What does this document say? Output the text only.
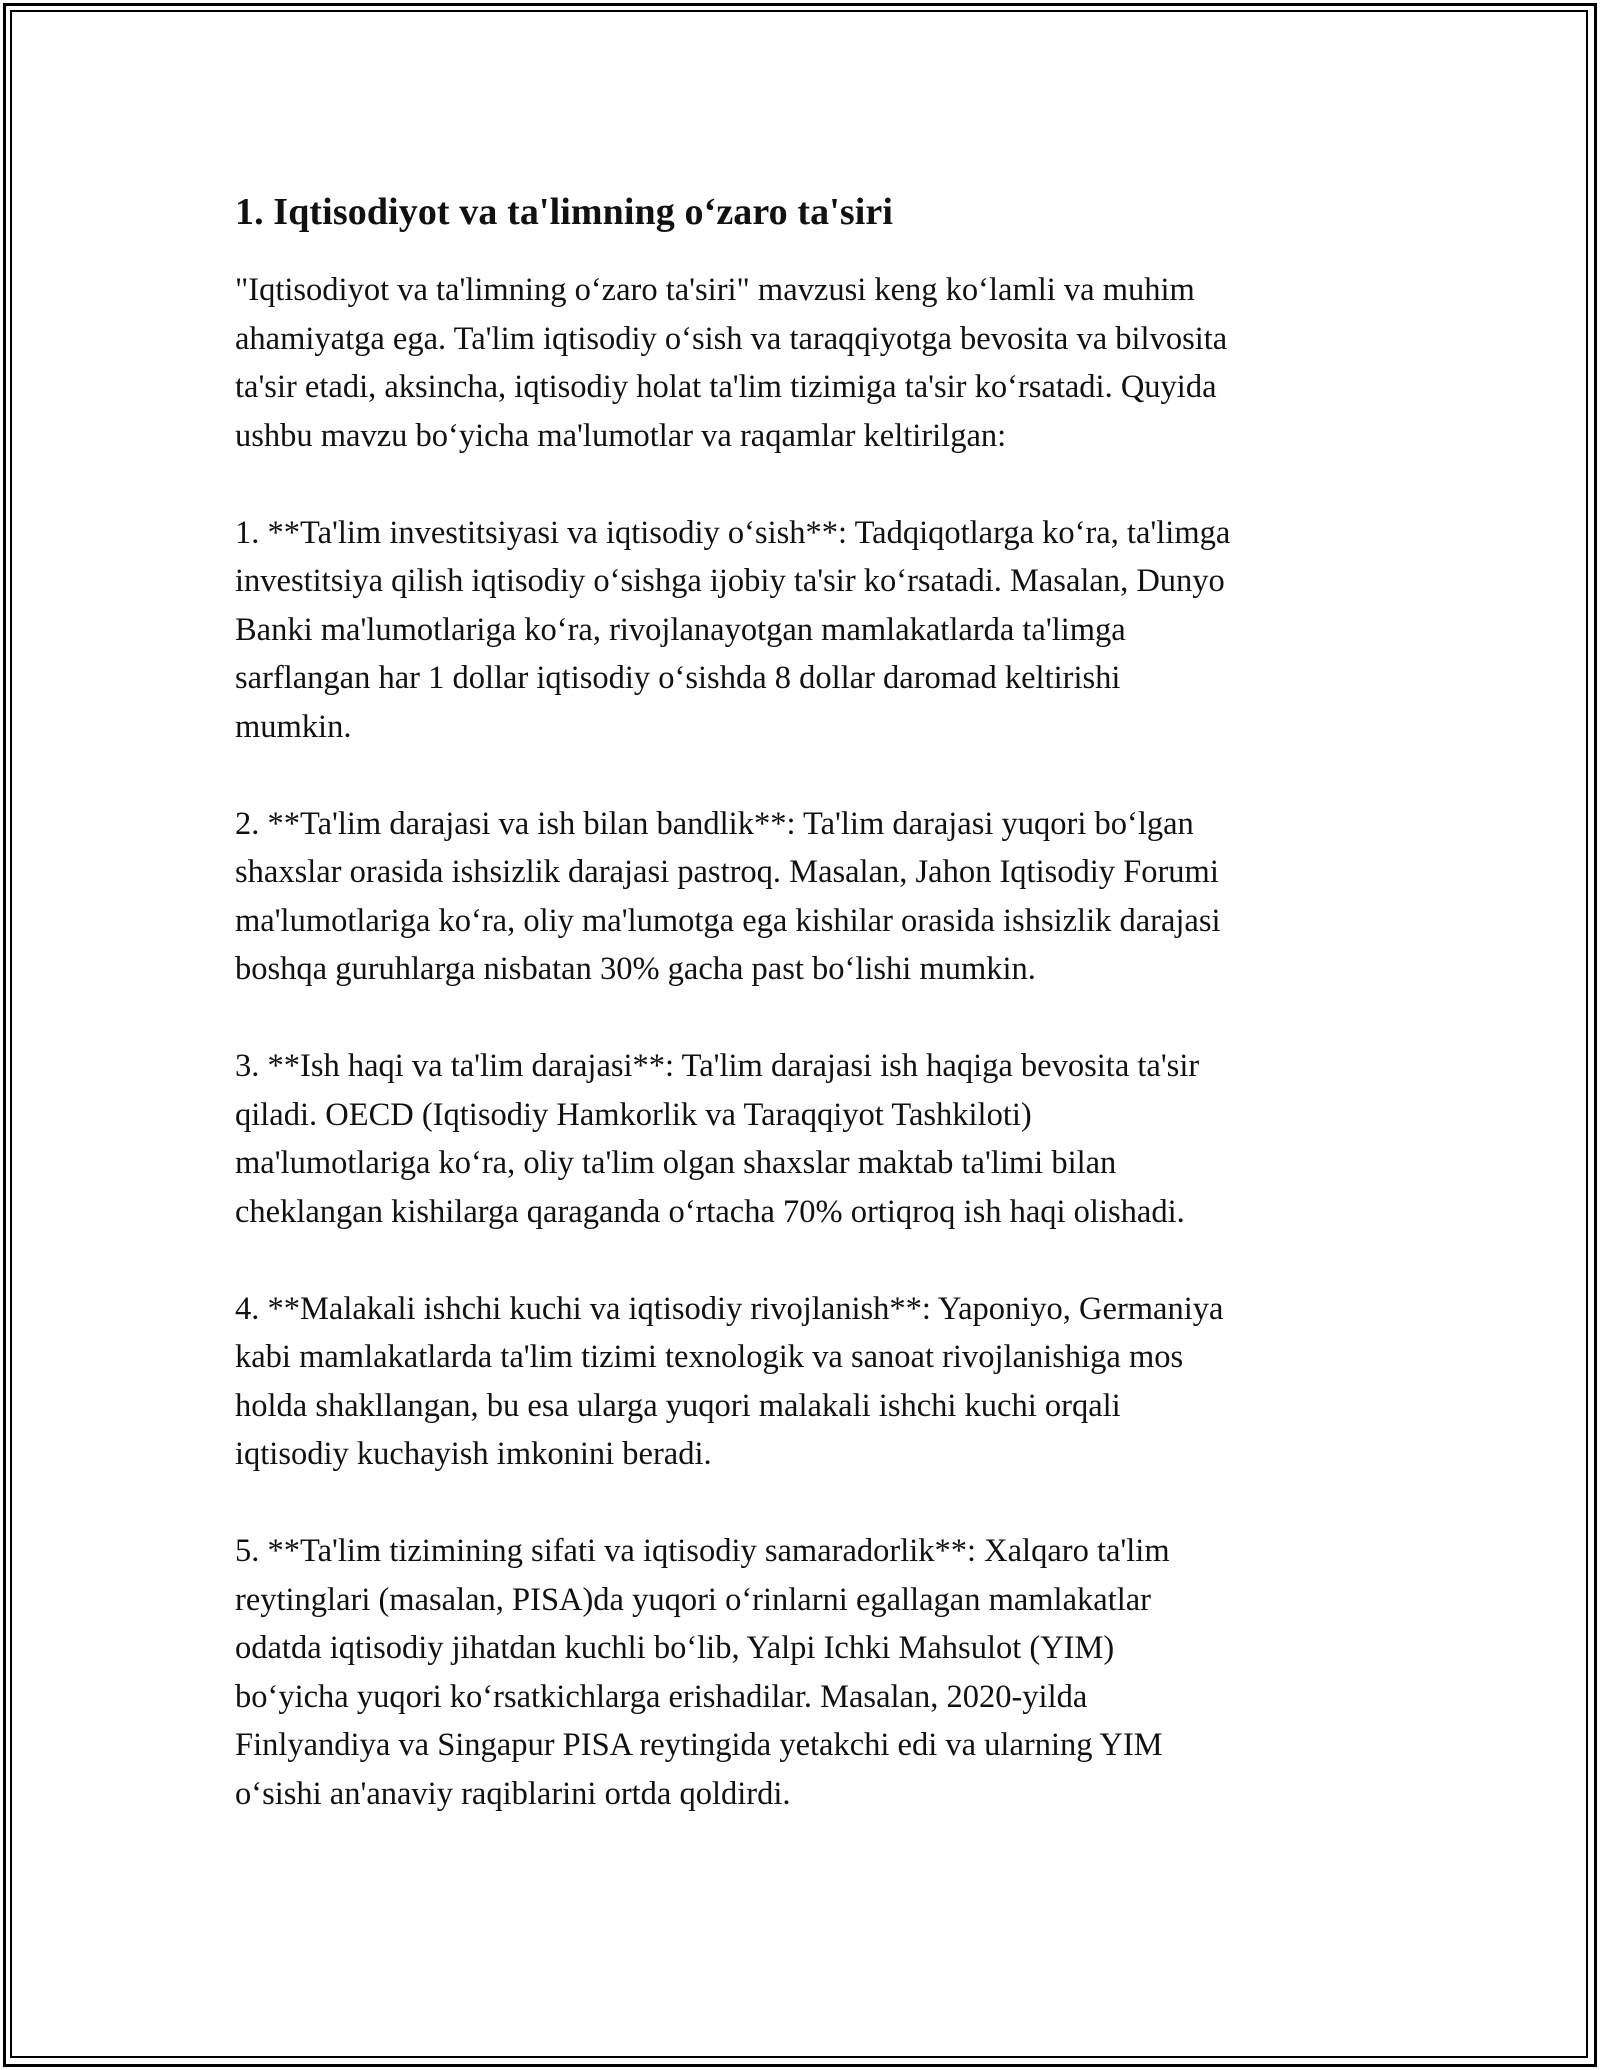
1. Iqtisodiyot va ta'limning o‘zaro ta'siri
"Iqtisodiyot va ta'limning o‘zaro ta'siri" mavzusi keng ko‘lamli va muhim
ahamiyatga ega. Ta'lim iqtisodiy o‘sish va taraqqiyotga bevosita va bilvosita
ta'sir etadi, aksincha, iqtisodiy holat ta'lim tizimiga ta'sir ko‘rsatadi. Quyida
ushbu mavzu bo‘yicha ma'lumotlar va raqamlar keltirilgan:
1. **Ta'lim investitsiyasi va iqtisodiy o‘sish**: Tadqiqotlarga ko‘ra, ta'limga
investitsiya qilish iqtisodiy o‘sishga ijobiy ta'sir ko‘rsatadi. Masalan, Dunyo
Banki ma'lumotlariga ko‘ra, rivojlanayotgan mamlakatlarda ta'limga
sarflangan har 1 dollar iqtisodiy o‘sishda 8 dollar daromad keltirishi
mumkin.
2. **Ta'lim darajasi va ish bilan bandlik**: Ta'lim darajasi yuqori bo‘lgan
shaxslar orasida ishsizlik darajasi pastroq. Masalan, Jahon Iqtisodiy Forumi
ma'lumotlariga ko‘ra, oliy ma'lumotga ega kishilar orasida ishsizlik darajasi
boshqa guruhlarga nisbatan 30% gacha past bo‘lishi mumkin.
3. **Ish haqi va ta'lim darajasi**: Ta'lim darajasi ish haqiga bevosita ta'sir
qiladi. OECD (Iqtisodiy Hamkorlik va Taraqqiyot Tashkiloti)
ma'lumotlariga ko‘ra, oliy ta'lim olgan shaxslar maktab ta'limi bilan
cheklangan kishilarga qaraganda o‘rtacha 70% ortiqroq ish haqi olishadi.
4. **Malakali ishchi kuchi va iqtisodiy rivojlanish**: Yaponiyo, Germaniya
kabi mamlakatlarda ta'lim tizimi texnologik va sanoat rivojlanishiga mos
holda shakllangan, bu esa ularga yuqori malakali ishchi kuchi orqali
iqtisodiy kuchayish imkonini beradi.
5. **Ta'lim tizimining sifati va iqtisodiy samaradorlik**: Xalqaro ta'lim
reytinglari (masalan, PISA)da yuqori o‘rinlarni egallagan mamlakatlar
odatda iqtisodiy jihatdan kuchli bo‘lib, Yalpi Ichki Mahsulot (YIM)
bo‘yicha yuqori ko‘rsatkichlarga erishadilar. Masalan, 2020-yilda
Finlyandiya va Singapur PISA reytingida yetakchi edi va ularning YIM
o‘sishi an'anaviy raqiblarini ortda qoldirdi.
